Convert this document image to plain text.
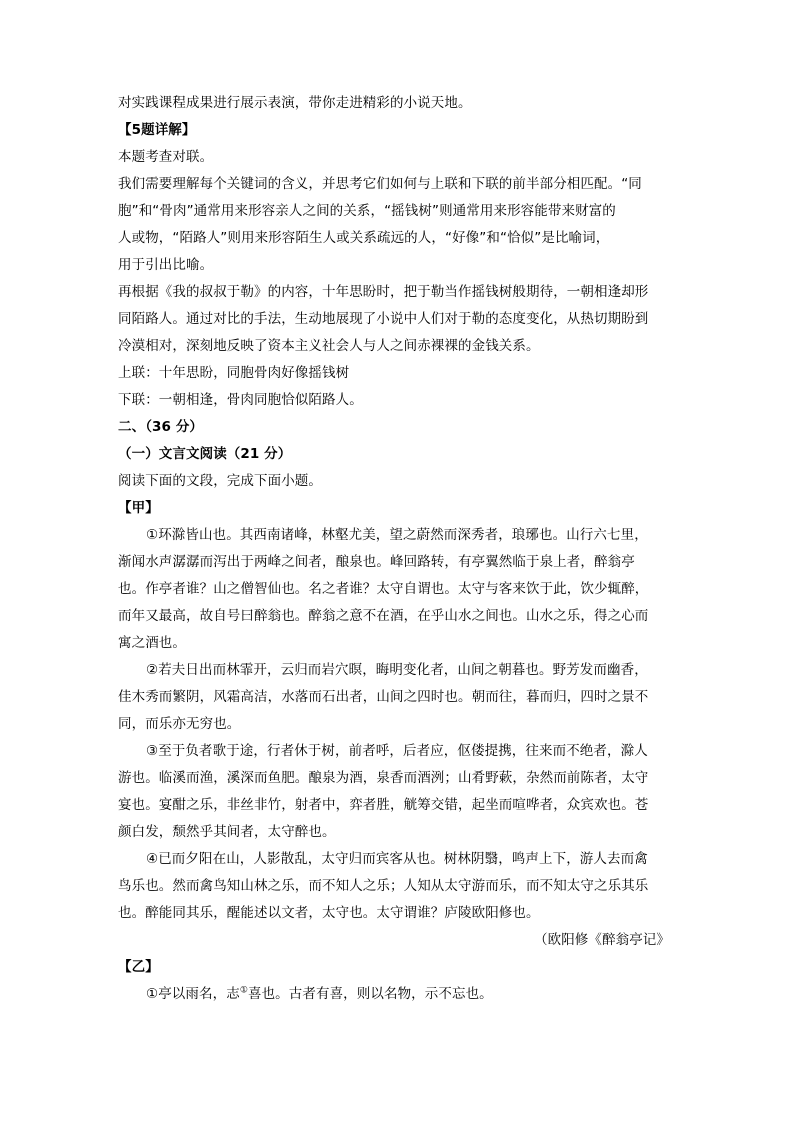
对实践课程成果进行展示表演，带你走进精彩的小说天地。
【5题详解】
本题考查对联。
我们需要理解每个关键词的含义，并思考它们如何与上联和下联的前半部分相匹配。“同
胞”和“骨肉”通常用来形容亲人之间的关系，“摇钱树”则通常用来形容能带来财富的
人或物，“陌路人”则用来形容陌生人或关系疏远的人，“好像”和“恰似”是比喻词，
用于引出比喻。
再根据《我的叔叔于勒》的内容，十年思盼时，把于勒当作摇钱树般期待，一朝相逢却形
同陌路人。通过对比的手法，生动地展现了小说中人们对于勒的态度变化，从热切期盼到
冷漠相对，深刻地反映了资本主义社会人与人之间赤裸裸的金钱关系。
上联：十年思盼，同胞骨肉好像摇钱树
下联：一朝相逢，骨肉同胞恰似陌路人。
二、（36 分）
（一）文言文阅读（21 分）
阅读下面的文段，完成下面小题。
【甲】
①环滁皆山也。其西南诸峰，林壑尤美，望之蔚然而深秀者，琅琊也。山行六七里，
渐闻水声潺潺而泻出于两峰之间者，酿泉也。峰回路转，有亭翼然临于泉上者，醉翁亭
也。作亭者谁？山之僧智仙也。名之者谁？太守自谓也。太守与客来饮于此，饮少辄醉，
而年又最高，故自号曰醉翁也。醉翁之意不在酒，在乎山水之间也。山水之乐，得之心而
寓之酒也。
②若夫日出而林霏开，云归而岩穴暝，晦明变化者，山间之朝暮也。野芳发而幽香，
佳木秀而繁阴，风霜高洁，水落而石出者，山间之四时也。朝而往，暮而归，四时之景不
同，而乐亦无穷也。
③至于负者歌于途，行者休于树，前者呼，后者应，伛偻提携，往来而不绝者，滁人
游也。临溪而渔，溪深而鱼肥。酿泉为酒，泉香而酒洌；山肴野蔌，杂然而前陈者，太守
宴也。宴酣之乐，非丝非竹，射者中，弈者胜，觥筹交错，起坐而喧哗者，众宾欢也。苍
颜白发，颓然乎其间者，太守醉也。
④已而夕阳在山，人影散乱，太守归而宾客从也。树林阴翳，鸣声上下，游人去而禽
鸟乐也。然而禽鸟知山林之乐，而不知人之乐；人知从太守游而乐，而不知太守之乐其乐
也。醉能同其乐，醒能述以文者，太守也。太守谓谁？庐陵欧阳修也。
（欧阳修《醉翁亭记》
【乙】
①亭以雨名，志①喜也。古者有喜，则以名物，示不忘也。
